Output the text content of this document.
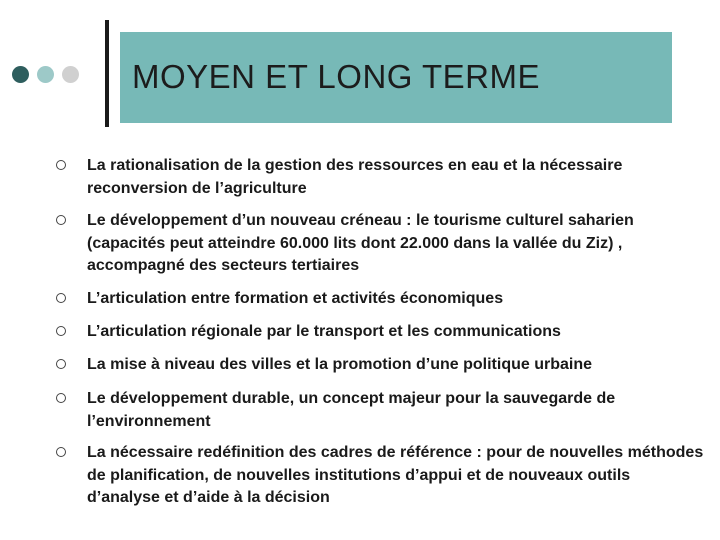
MOYEN ET LONG TERME
La rationalisation de la gestion des ressources en eau et la nécessaire reconversion de l’agriculture
Le développement d’un nouveau créneau : le tourisme culturel saharien (capacités peut atteindre 60.000 lits dont 22.000 dans la vallée du Ziz) , accompagné des secteurs tertiaires
L’articulation entre formation et activités économiques
L’articulation régionale par le transport et les communications
La mise à niveau des villes et la promotion d’une politique urbaine
Le développement durable, un concept majeur pour la sauvegarde de l’environnement
La nécessaire redéfinition des cadres de référence : pour de nouvelles méthodes de planification, de nouvelles institutions d’appui et de nouveaux outils d’analyse et d’aide à la décision
